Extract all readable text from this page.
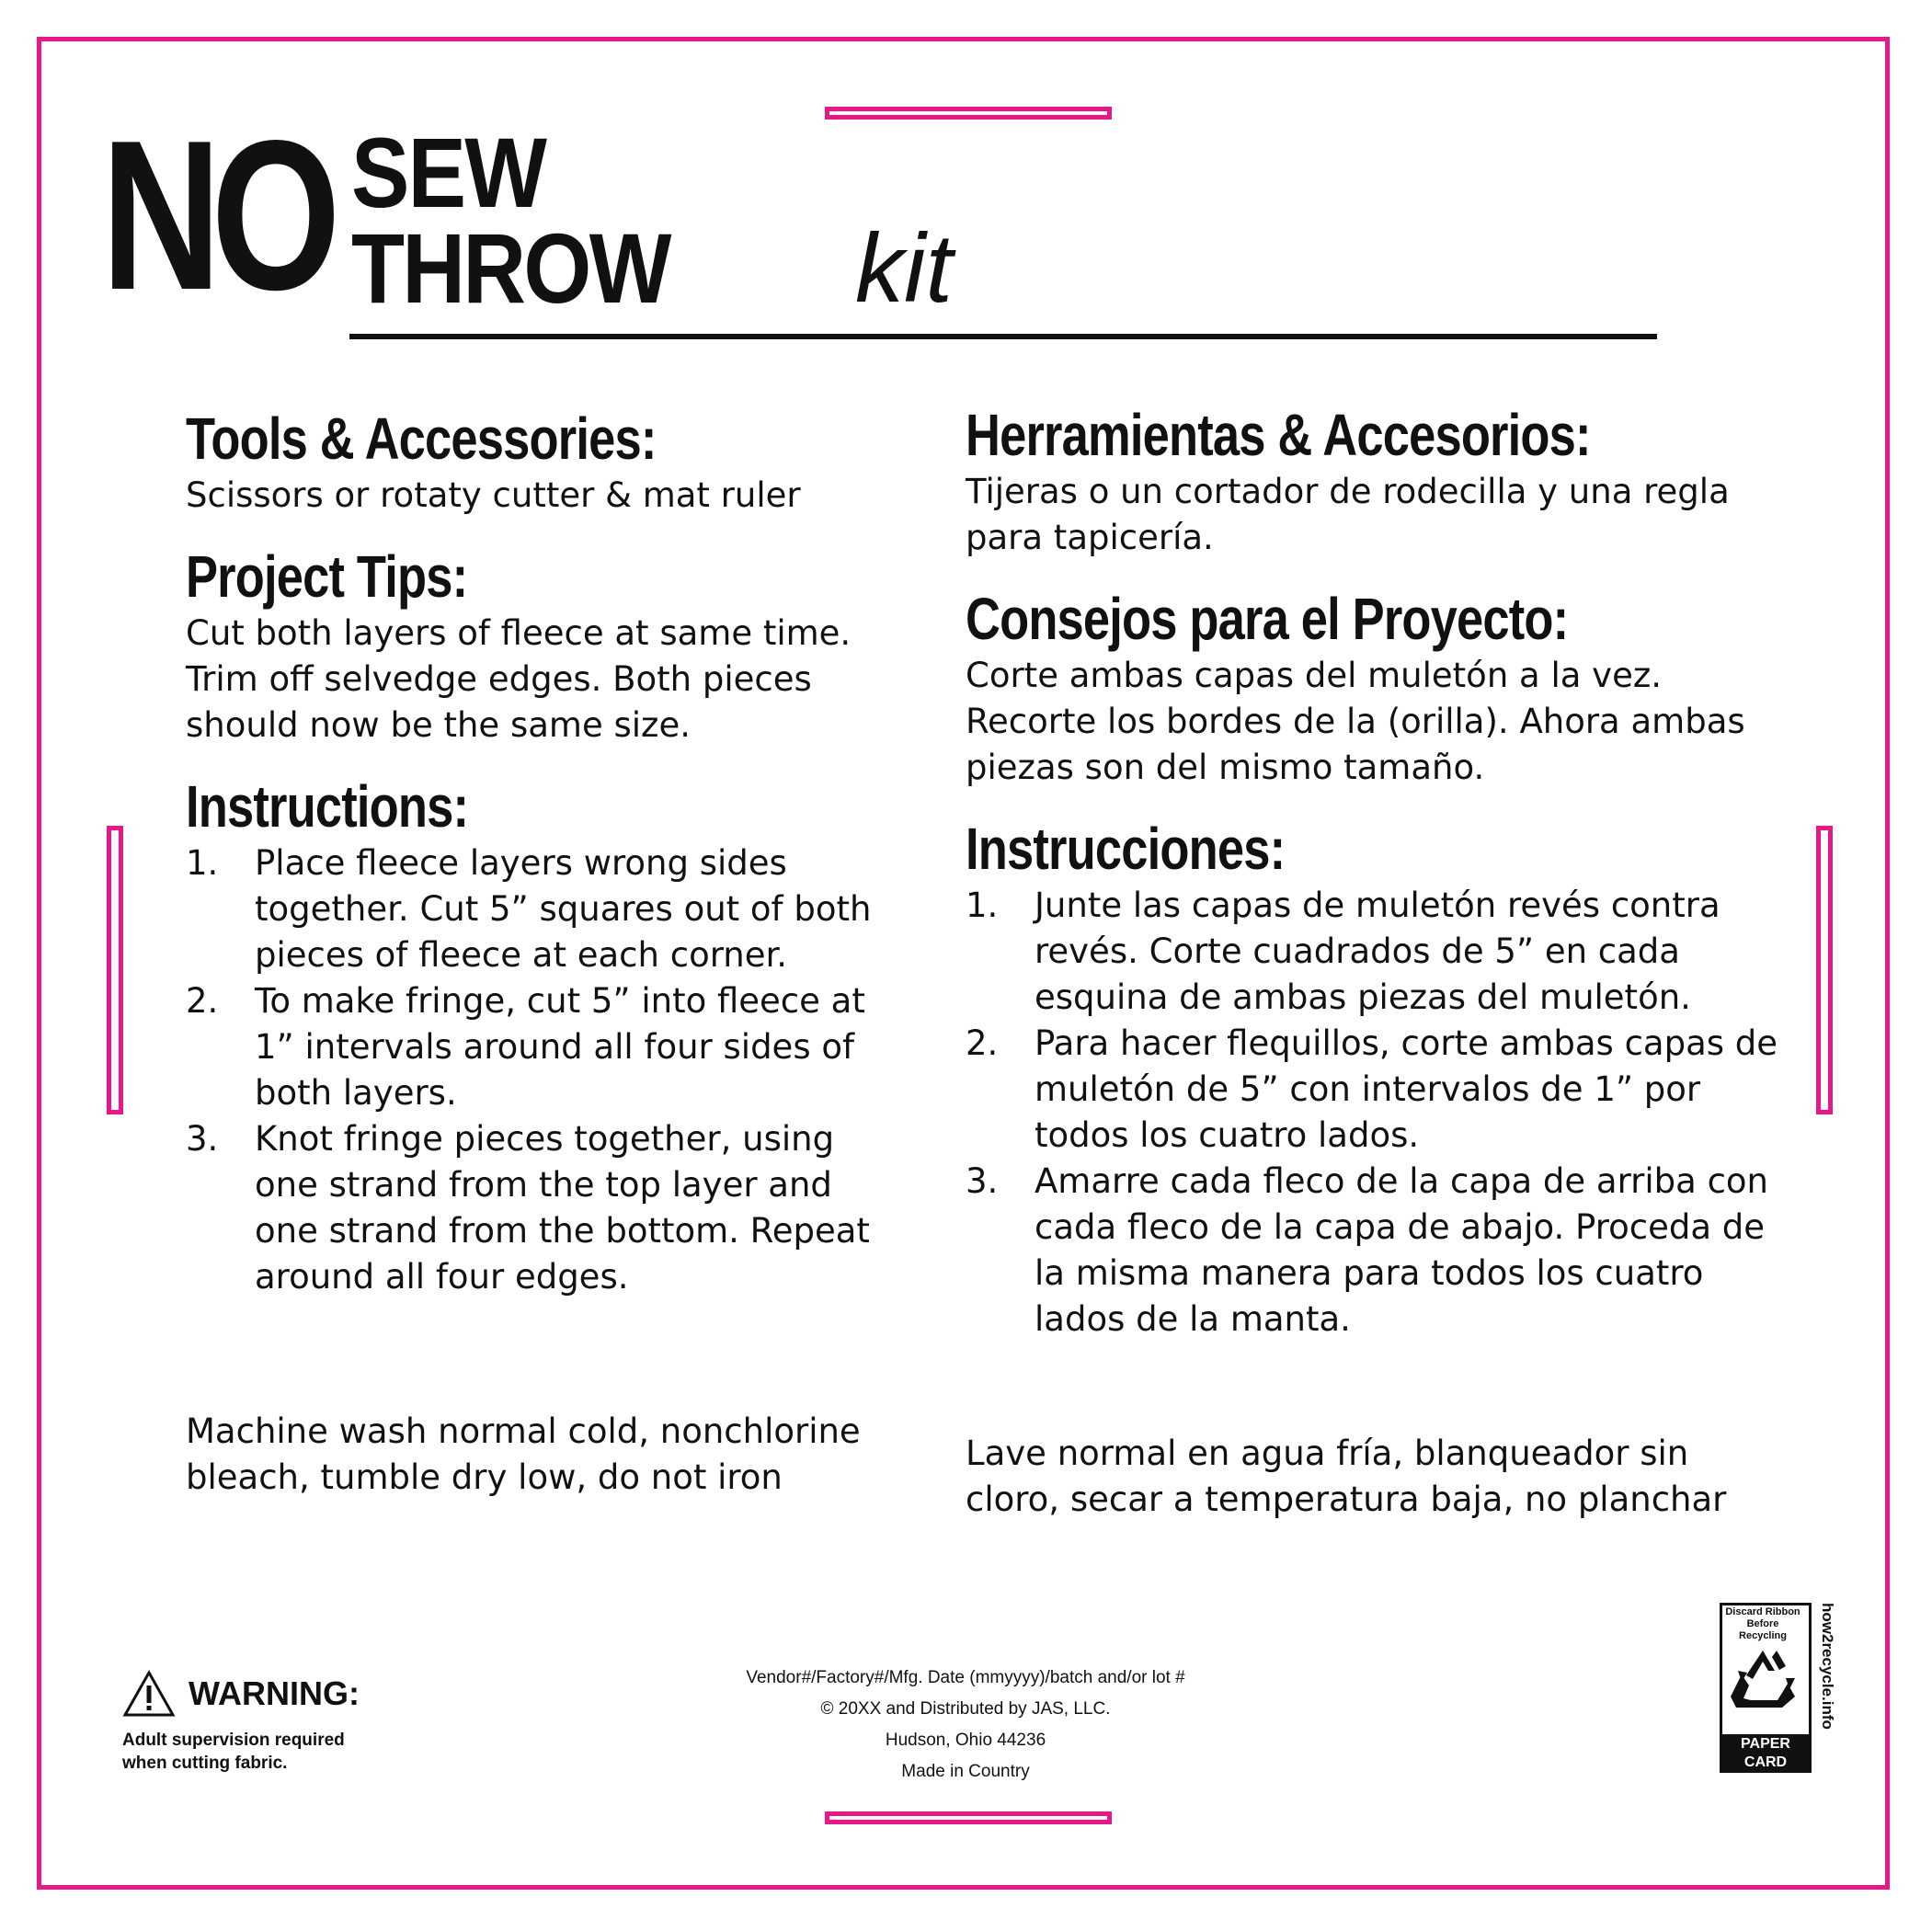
NO SEW
THROW kit
Tools & Accessories:

Scissors or rotaty cutter & mat ruler

Project Tips:

Cut both layers of fleece at same time. Trim off selvedge edges. Both pieces should now be the same size.

Instructions:
1. Place fleece layers wrong sides together. Cut 5” squares out of both pieces of fleece at each corner.
2. To make fringe, cut 5” into fleece at 1” intervals around all four sides of both layers.
3. Knot fringe pieces together, using one strand from the top layer and one strand from the bottom. Repeat around all four edges.

Machine wash normal cold, nonchlorine bleach, tumble dry low, do not iron

Herramientas & Accesorios:

Tijeras o un cortador de rodecilla y una regla para tapicería.

Consejos para el Proyecto:

Corte ambas capas del muletón a la vez. Recorte los bordes de la (orilla). Ahora ambas piezas son del mismo tamaño.

Instrucciones:
1. Junte las capas de muletón revés contra revés. Corte cuadrados de 5” en cada esquina de ambas piezas del muletón.
2. Para hacer flequillos, corte ambas capas de muletón de 5” con intervalos de 1” por todos los cuatro lados.
3. Amarre cada fleco de la capa de arriba con cada fleco de la capa de abajo. Proceda de la misma manera para todos los cuatro lados de la manta.

Lave normal en agua fría, blanqueador sin cloro, secar a temperatura baja, no planchar

WARNING:
Adult supervision required
when cutting fabric.
Vendor#/Factory#/Mfg. Date (mmyyyy)/batch and/or lot #
© 20XX and Distributed by JAS, LLC.
Hudson, Ohio 44236
Made in Country
Discard Ribbon
Before Recycling
PAPER
CARD
how2recycle.info
